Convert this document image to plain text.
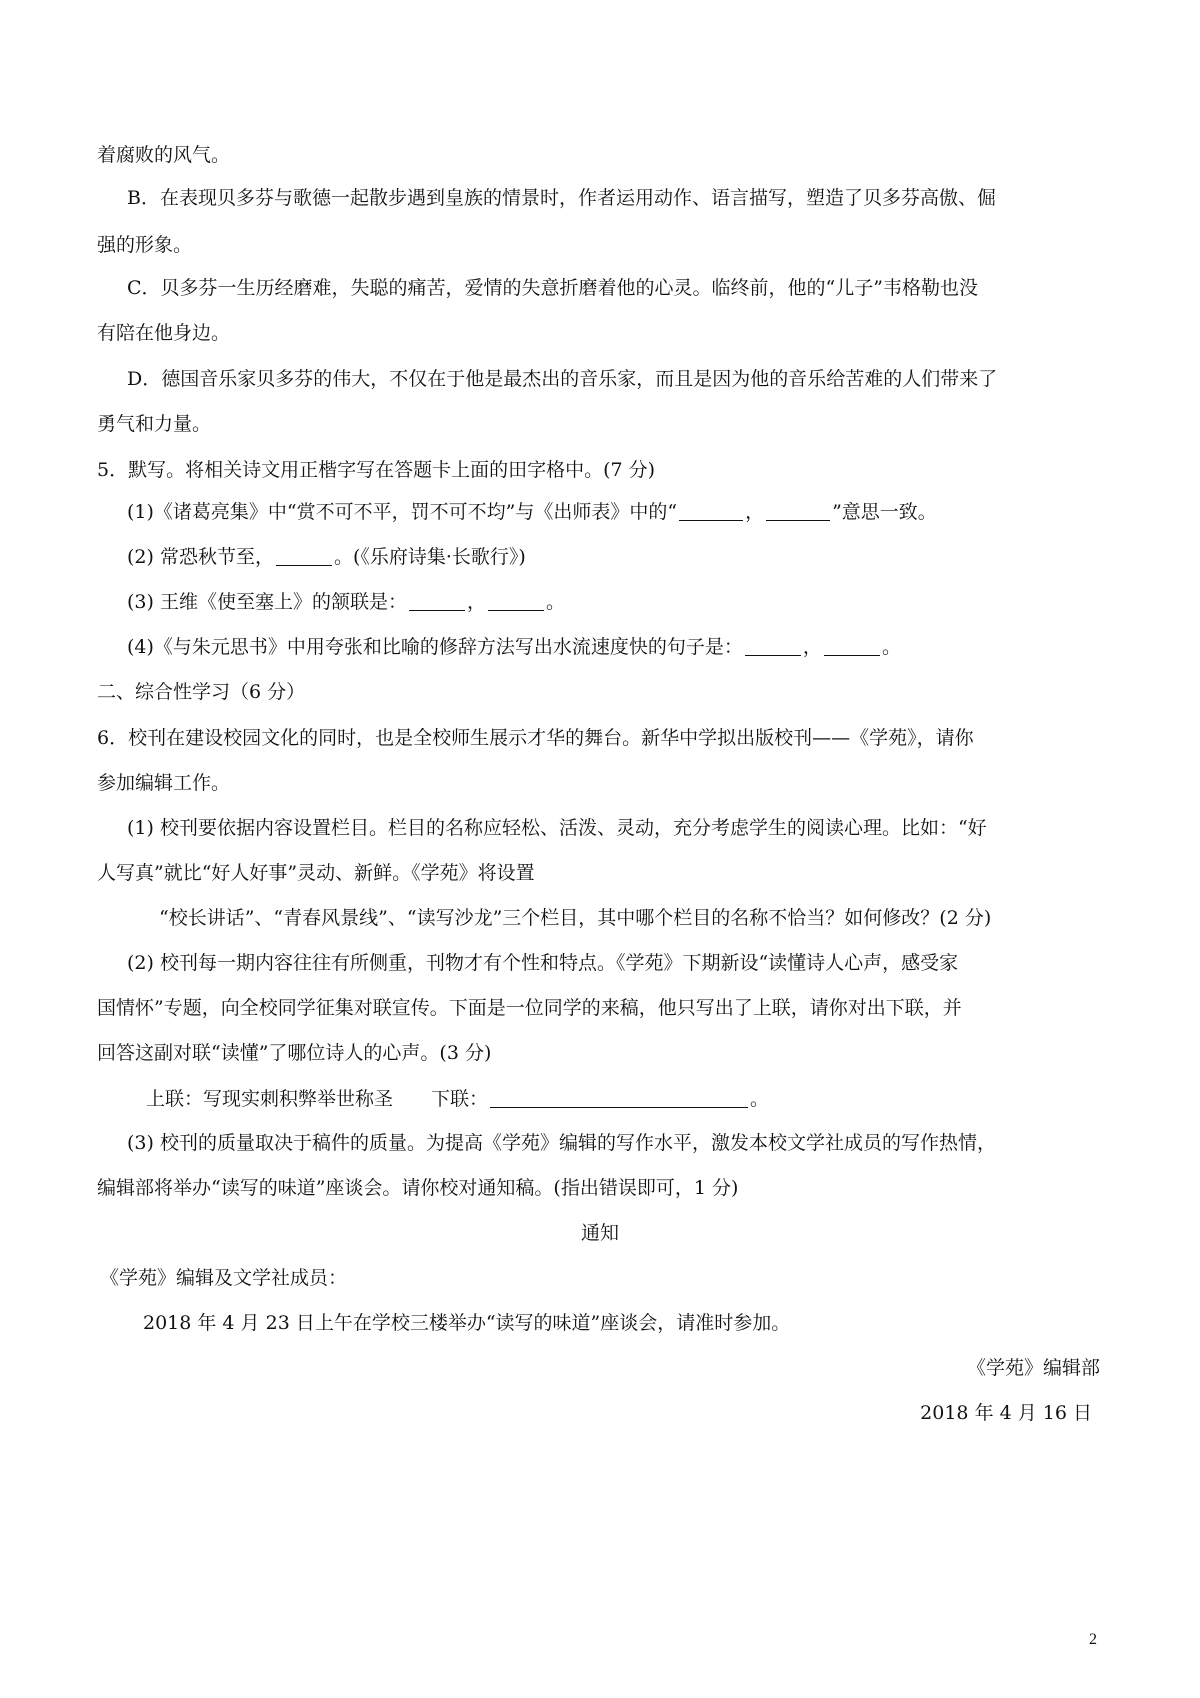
着腐败的风气。
B．在表现贝多芬与歌德一起散步遇到皇族的情景时，作者运用动作、语言描写，塑造了贝多芬高傲、倔
强的形象。
C．贝多芬一生历经磨难，失聪的痛苦，爱情的失意折磨着他的心灵。临终前，他的“儿子”韦格勒也没
有陪在他身边。
D．德国音乐家贝多芬的伟大，不仅在于他是最杰出的音乐家，而且是因为他的音乐给苦难的人们带来了
勇气和力量。
5．默写。将相关诗文用正楷字写在答题卡上面的田字格中。(7 分)
(1)《诸葛亮集》中“赏不可不平，罚不可不均”与《出师表》中的“	，	”意思一致。
(2) 常恐秋节至，	。(《乐府诗集·长歌行》)
(3) 王维《使至塞上》的颔联是：	，	。
(4)《与朱元思书》中用夸张和比喻的修辞方法写出水流速度快的句子是：	，	。
二、综合性学习（6 分）
6．校刊在建设校园文化的同时，也是全校师生展示才华的舞台。新华中学拟出版校刊——《学苑》，请你
参加编辑工作。
(1) 校刊要依据内容设置栏目。栏目的名称应轻松、活泼、灵动，充分考虑学生的阅读心理。比如：“好
人写真”就比“好人好事”灵动、新鲜。《学苑》将设置
“校长讲话”、“青春风景线”、“读写沙龙”三个栏目，其中哪个栏目的名称不恰当？如何修改？(2 分)
(2) 校刊每一期内容往往有所侧重，刊物才有个性和特点。《学苑》下期新设“读懂诗人心声，感受家
国情怀”专题，向全校同学征集对联宣传。下面是一位同学的来稿，他只写出了上联，请你对出下联，并
回答这副对联“读懂”了哪位诗人的心声。(3 分)
上联：写现实刺积弊举世称圣 下联：	。
(3) 校刊的质量取决于稿件的质量。为提高《学苑》编辑的写作水平，激发本校文学社成员的写作热情，
编辑部将举办“读写的味道”座谈会。请你校对通知稿。(指出错误即可，1 分)
通知
《学苑》编辑及文学社成员：
2018 年 4 月 23 日上午在学校三楼举办“读写的味道”座谈会，请准时参加。
《学苑》编辑部
2018 年 4 月 16 日
2
